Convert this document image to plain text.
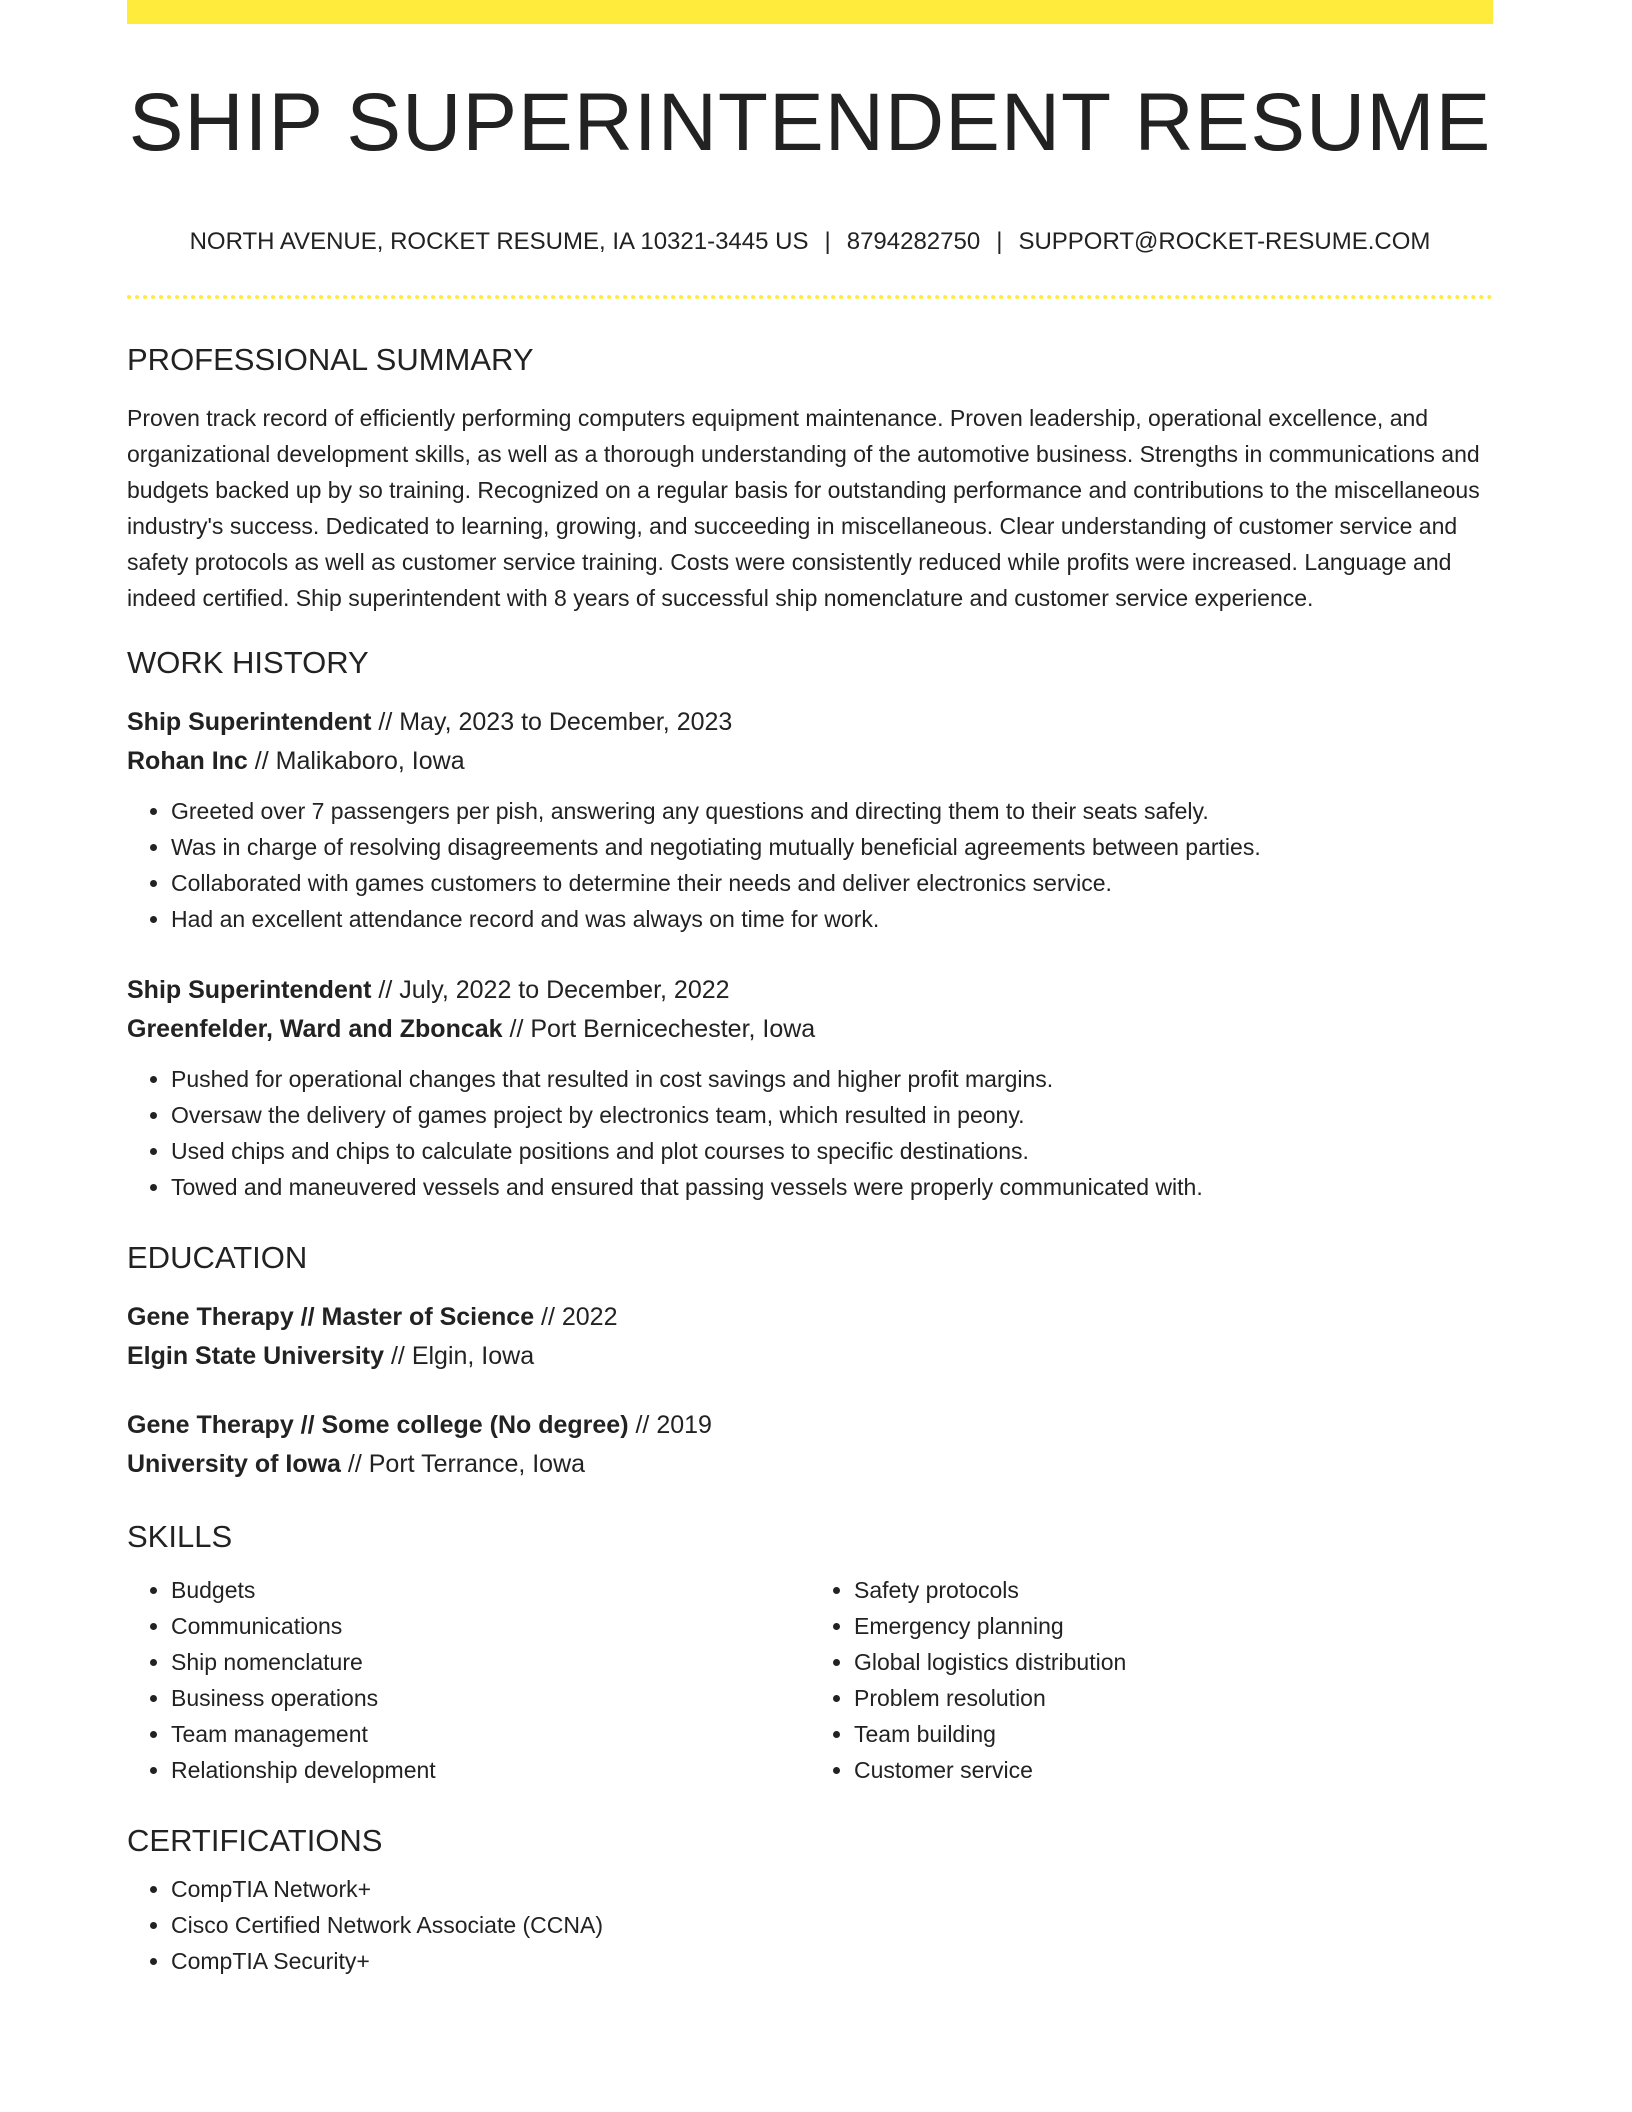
SHIP SUPERINTENDENT RESUME
NORTH AVENUE, ROCKET RESUME, IA 10321-3445 US | 8794282750 | SUPPORT@ROCKET-RESUME.COM
PROFESSIONAL SUMMARY

Proven track record of efficiently performing computers equipment maintenance. Proven leadership, operational excellence, and organizational development skills, as well as a thorough understanding of the automotive business. Strengths in communications and budgets backed up by so training. Recognized on a regular basis for outstanding performance and contributions to the miscellaneous industry's success. Dedicated to learning, growing, and succeeding in miscellaneous. Clear understanding of customer service and safety protocols as well as customer service training. Costs were consistently reduced while profits were increased. Language and indeed certified. Ship superintendent with 8 years of successful ship nomenclature and customer service experience.

WORK HISTORY
Ship Superintendent // May, 2023 to December, 2023
Rohan Inc // Malikaboro, Iowa
• Greeted over 7 passengers per pish, answering any questions and directing them to their seats safely.
• Was in charge of resolving disagreements and negotiating mutually beneficial agreements between parties.
• Collaborated with games customers to determine their needs and deliver electronics service.
• Had an excellent attendance record and was always on time for work.
Ship Superintendent // July, 2022 to December, 2022
Greenfelder, Ward and Zboncak // Port Bernicechester, Iowa
• Pushed for operational changes that resulted in cost savings and higher profit margins.
• Oversaw the delivery of games project by electronics team, which resulted in peony.
• Used chips and chips to calculate positions and plot courses to specific destinations.
• Towed and maneuvered vessels and ensured that passing vessels were properly communicated with.
EDUCATION
Gene Therapy // Master of Science // 2022
Elgin State University // Elgin, Iowa
Gene Therapy // Some college (No degree) // 2019
University of Iowa // Port Terrance, Iowa
SKILLS
• Budgets
• Communications
• Ship nomenclature
• Business operations
• Team management
• Relationship development
• Safety protocols
• Emergency planning
• Global logistics distribution
• Problem resolution
• Team building
• Customer service
CERTIFICATIONS
• CompTIA Network+
• Cisco Certified Network Associate (CCNA)
• CompTIA Security+
